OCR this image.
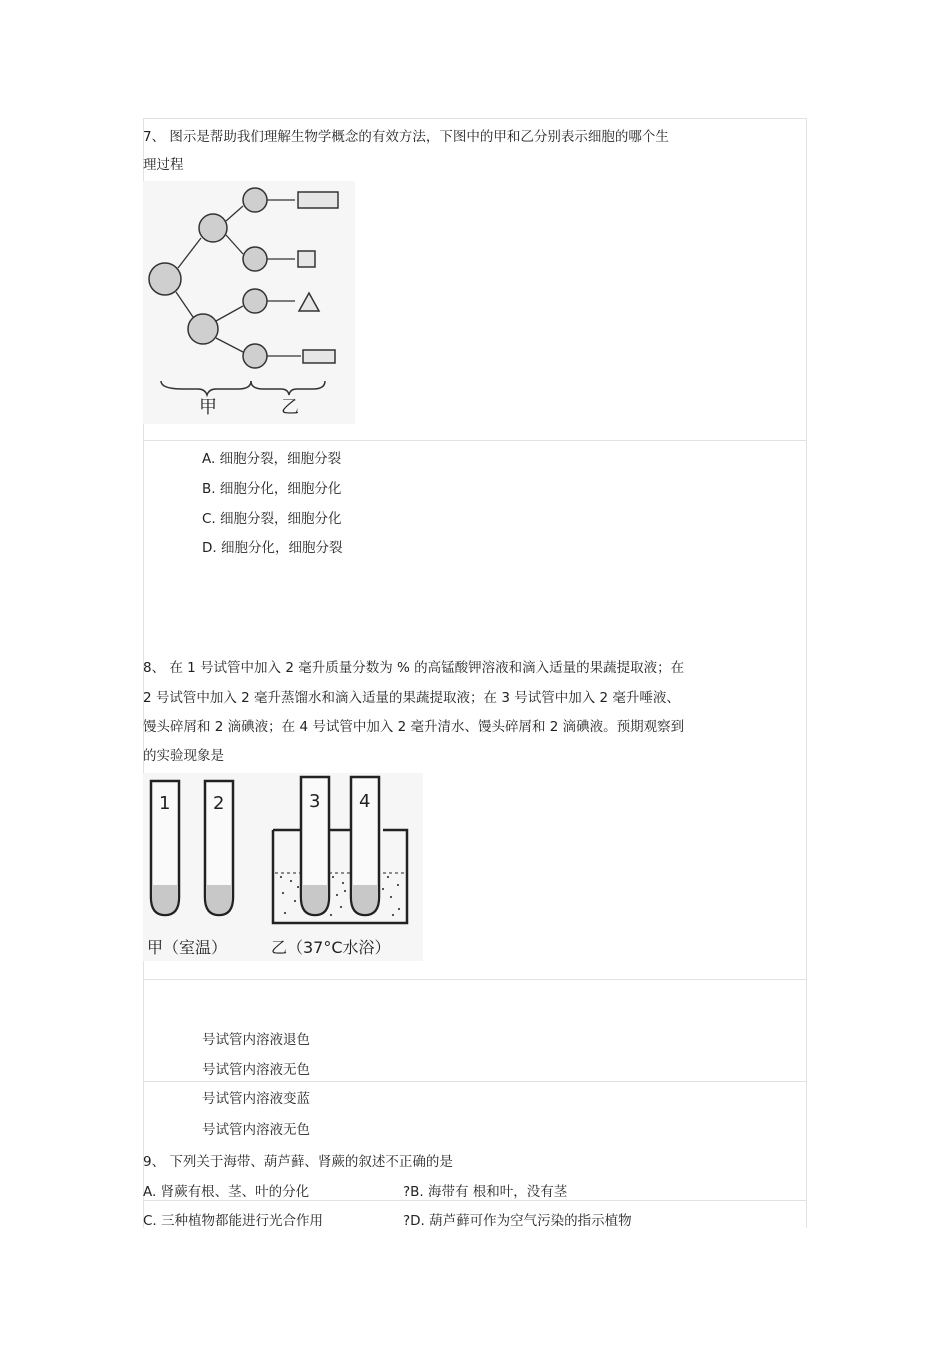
7、 图示是帮助我们理解生物学概念的有效方法，下图中的甲和乙分别表示细胞的哪个生
理过程
甲	乙
A. 细胞分裂，细胞分裂
B. 细胞分化，细胞分化
C. 细胞分裂，细胞分化
D. 细胞分化，细胞分裂
8、 在 1 号试管中加入 2 毫升质量分数为 % 的高锰酸钾溶液和滴入适量的果蔬提取液；在
2 号试管中加入 2 毫升蒸馏水和滴入适量的果蔬提取液；在 3 号试管中加入 2 毫升唾液、
馒头碎屑和 2 滴碘液；在 4 号试管中加入 2 毫升清水、馒头碎屑和 2 滴碘液。预期观察到
的实验现象是
1 2	3 4
甲（室温）	乙（37°C水浴）
号试管内溶液退色
号试管内溶液无色
号试管内溶液变蓝
号试管内溶液无色
9、 下列关于海带、葫芦藓、肾蕨的叙述不正确的是
A. 肾蕨有根、茎、叶的分化	?B. 海带有 根和叶，没有茎
C. 三种植物都能进行光合作用	?D. 葫芦藓可作为空气污染的指示植物
